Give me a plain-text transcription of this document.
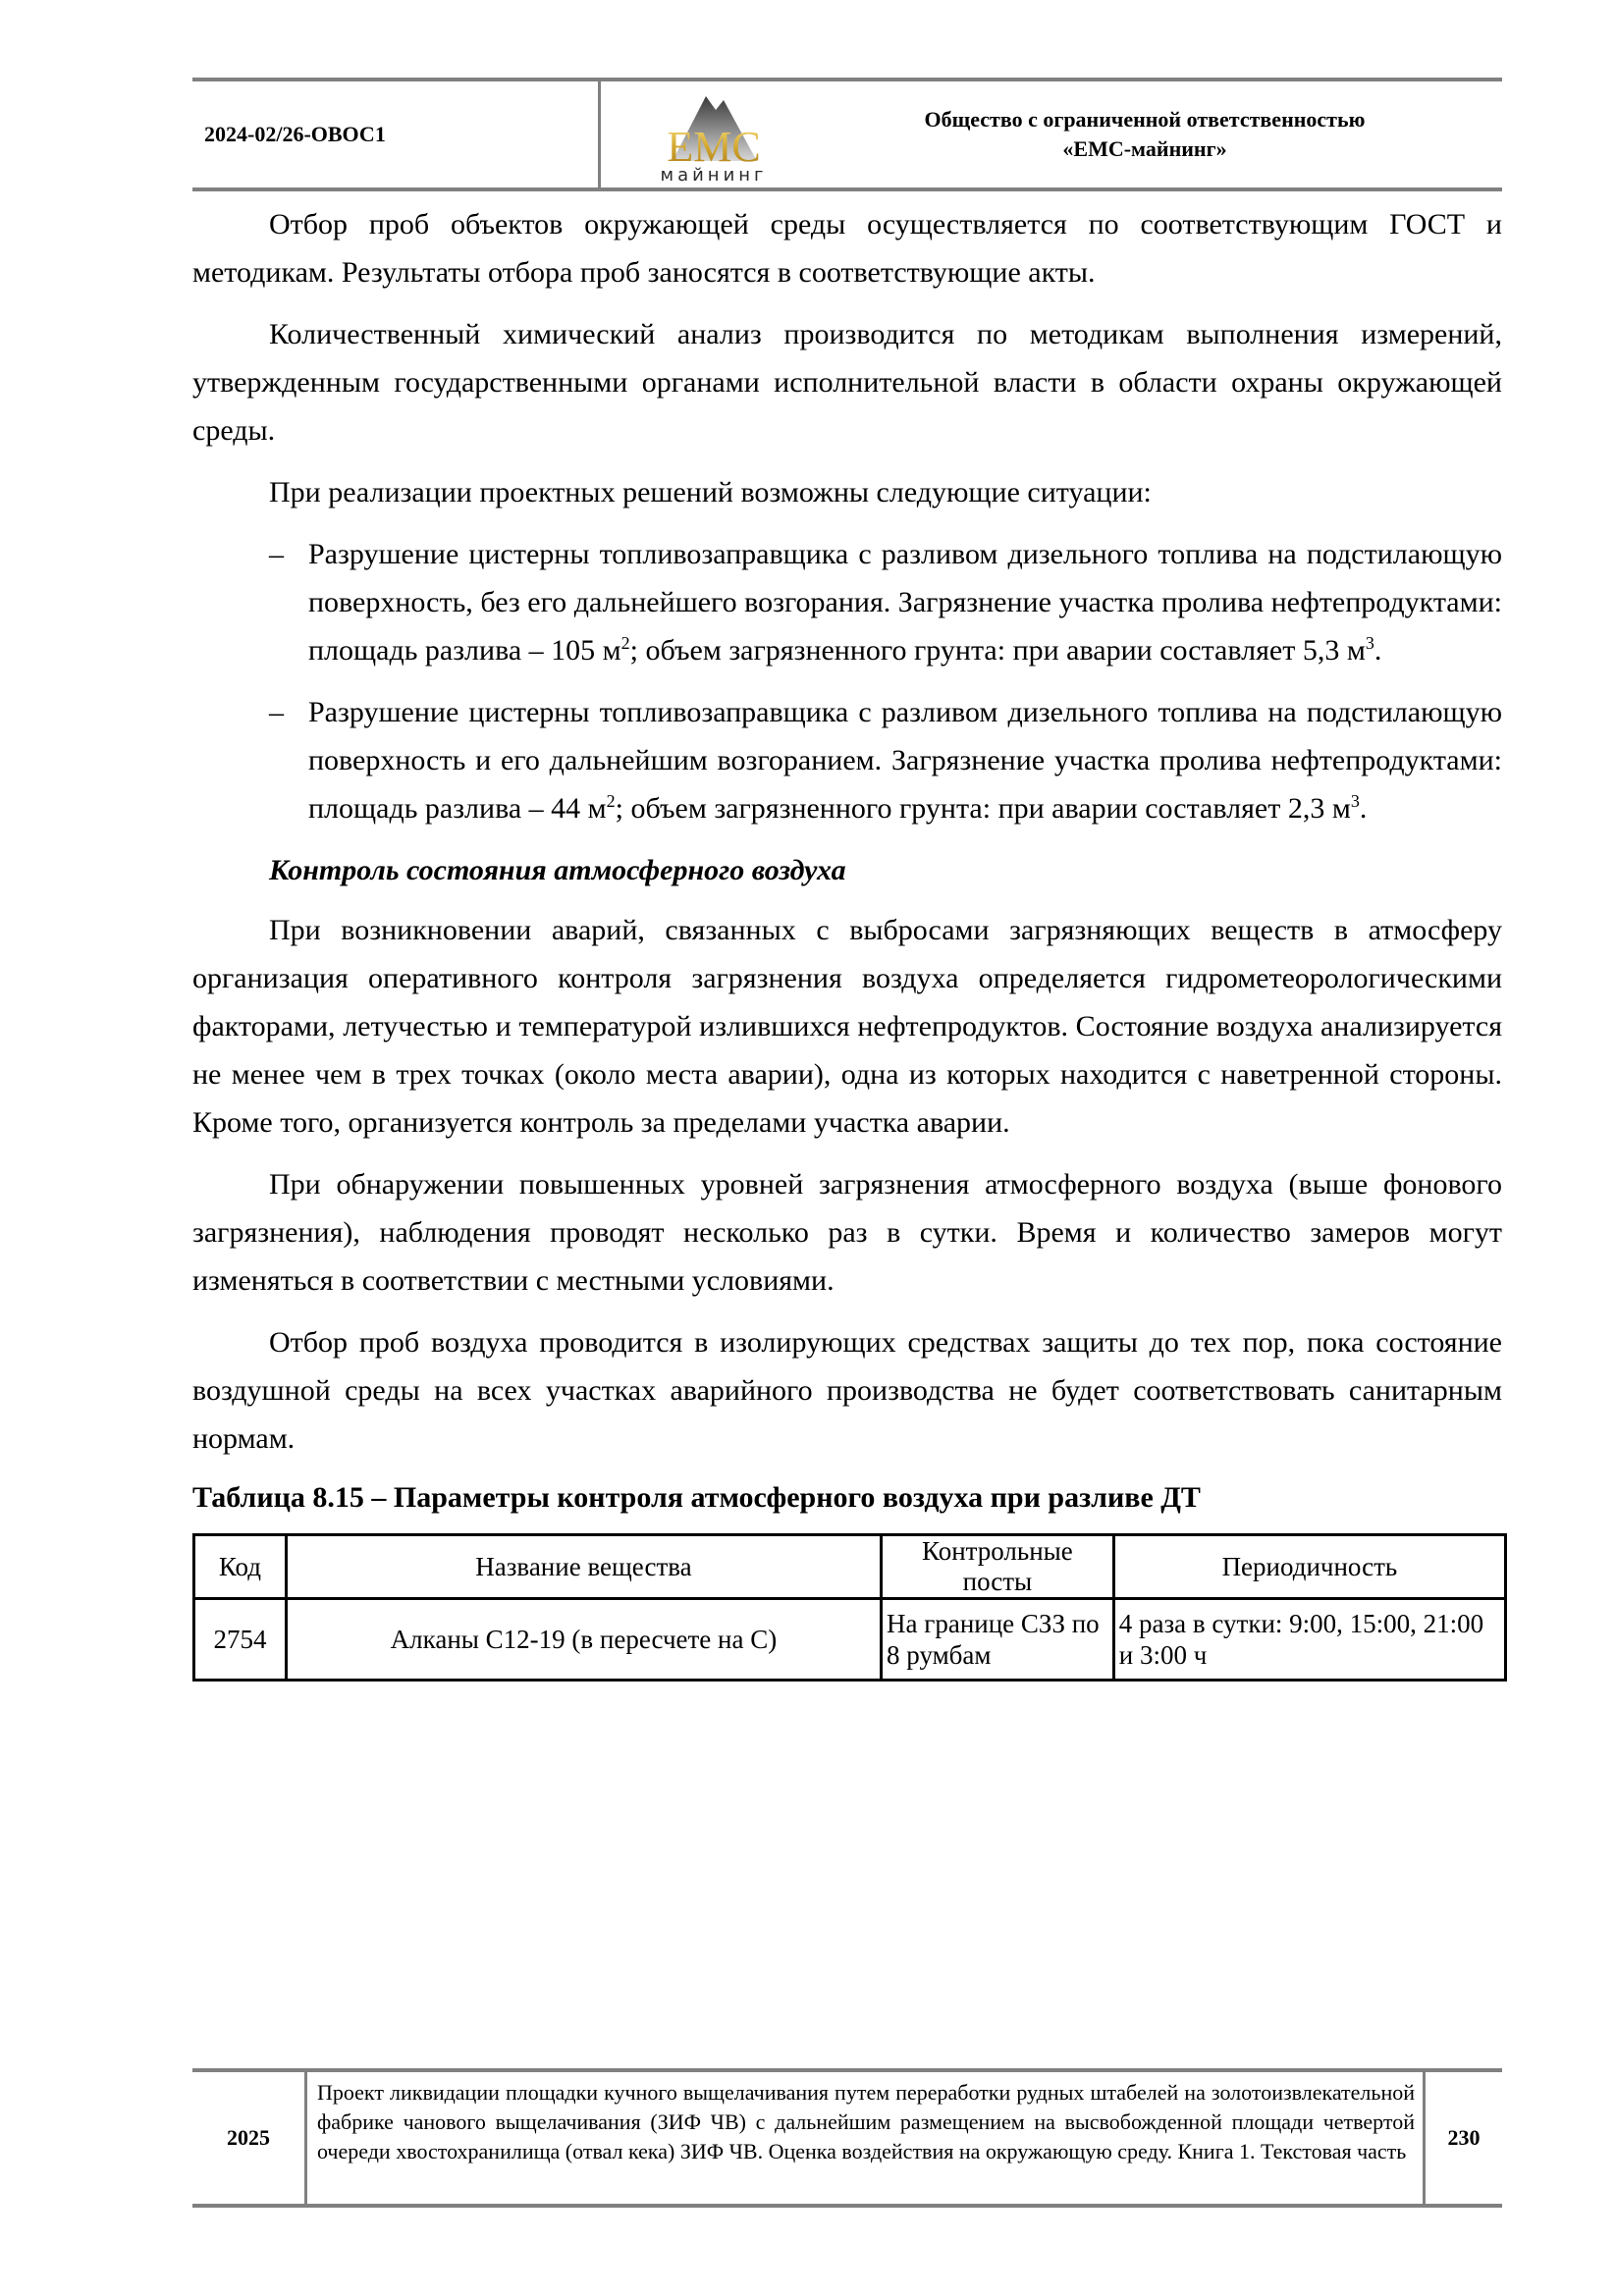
2024-02/26-ОВОС1	EMC
майнинг
Общество с ограниченной ответственностью
«ЕМС-майнинг»

Отбор проб объектов окружающей среды осуществляется по соответствующим ГОСТ и методикам. Результаты отбора проб заносятся в соответствующие акты.

Количественный химический анализ производится по методикам выполнения измерений, утвержденным государственными органами исполнительной власти в области охраны окружающей среды.

При реализации проектных решений возможны следующие ситуации:

– Разрушение цистерны топливозаправщика с разливом дизельного топлива на подстилающую поверхность, без его дальнейшего возгорания. Загрязнение участка пролива нефтепродуктами: площадь разлива – 105 $м^2$; объем загрязненного грунта: при аварии составляет 5,3 $м^3$.
– Разрушение цистерны топливозаправщика с разливом дизельного топлива на подстилающую поверхность и его дальнейшим возгоранием. Загрязнение участка пролива нефтепродуктами: площадь разлива – 44 $м^2$; объем загрязненного грунта: при аварии составляет 2,3 $м^3$.
Контроль состояния атмосферного воздуха

При возникновении аварий, связанных с выбросами загрязняющих веществ в атмосферу организация оперативного контроля загрязнения воздуха определяется гидрометеорологическими факторами, летучестью и температурой излившихся нефтепродуктов. Состояние воздуха анализируется не менее чем в трех точках (около места аварии), одна из которых находится с наветренной стороны. Кроме того, организуется контроль за пределами участка аварии.

При обнаружении повышенных уровней загрязнения атмосферного воздуха (выше фонового загрязнения), наблюдения проводят несколько раз в сутки. Время и количество замеров могут изменяться в соответствии с местными условиями.

Отбор проб воздуха проводится в изолирующих средствах защиты до тех пор, пока состояние воздушной среды на всех участках аварийного производства не будет соответствовать санитарным нормам.

Таблица 8.15 – Параметры контроля атмосферного воздуха при разливе ДТ
Код	Название вещества	Контрольные посты	Периодичность
2754	Алканы С12-19 (в пересчете на С)	На границе СЗЗ по 8 румбам	4 раза в сутки: 9:00, 15:00, 21:00 и 3:00 ч
2025
Проект ликвидации площадки кучного выщелачивания путем переработки рудных штабелей на золотоизвлекательной фабрике чанового выщелачивания (ЗИФ ЧВ) с дальнейшим размещением на высвобожденной площади четвертой очереди хвостохранилища (отвал кека) ЗИФ ЧВ. Оценка воздействия на окружающую среду. Книга 1. Текстовая часть
230
